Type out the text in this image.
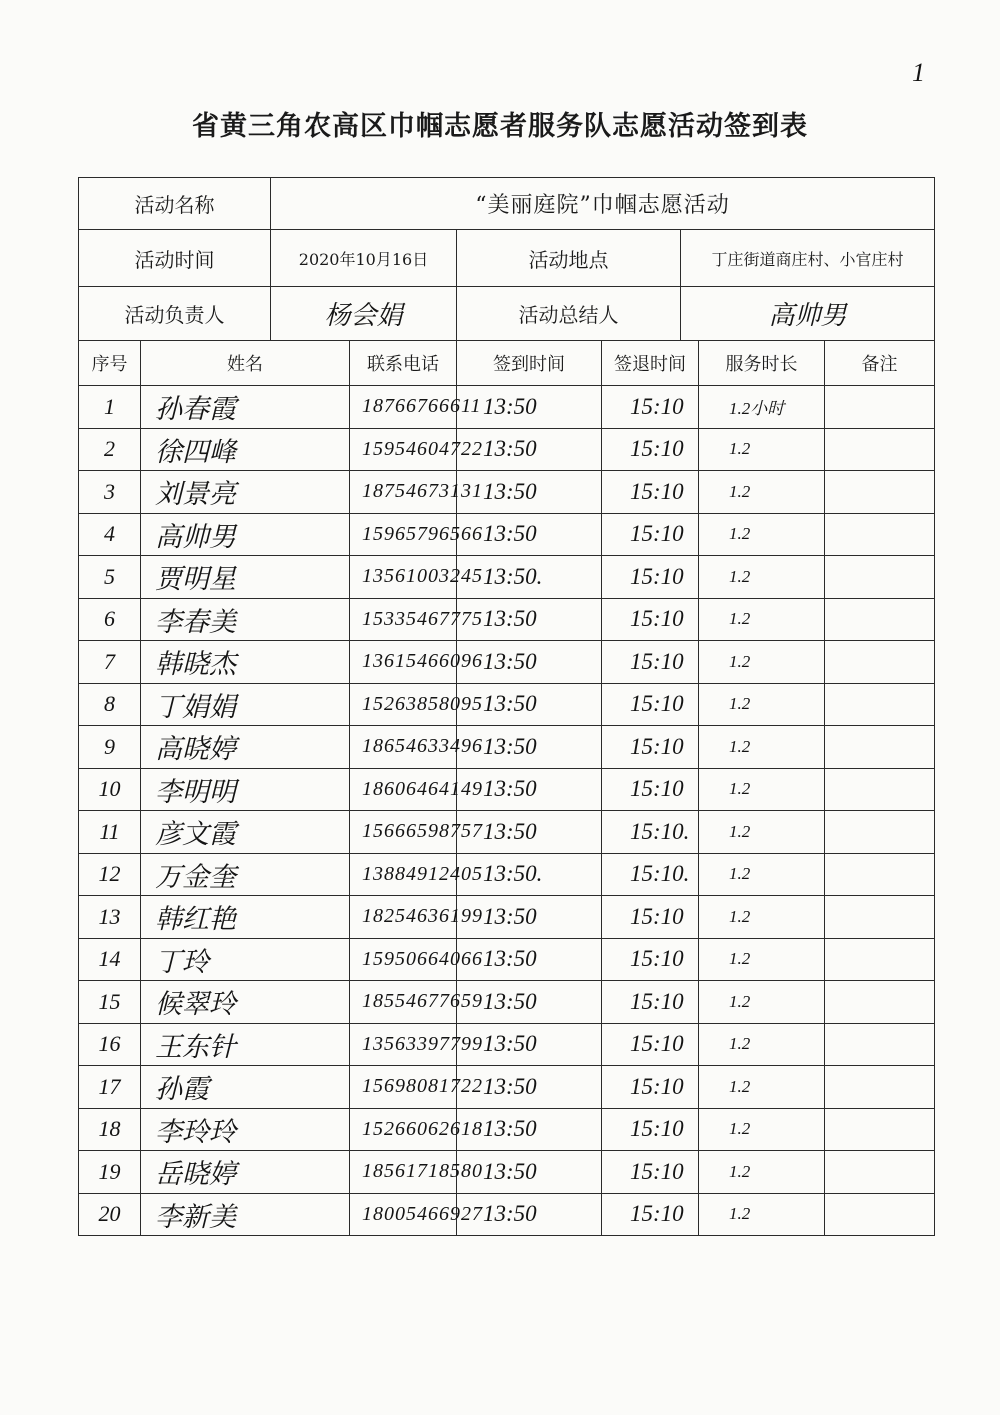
1
省黄三角农高区巾帼志愿者服务队志愿活动签到表
活动名称		“美丽庭院”巾帼志愿活动						
活动时间		2020年10月16日		活动地点		丁庄街道商庄村、小官庄村		
活动负责人		杨会娟		活动总结人		高帅男		
序号	姓名		联系电话	签到时间	签退时间		服务时长	备注
1	孙春霞		18766766611	13:50	15:10		1.2小时	
2	徐四峰		15954604722	13:50	15:10		1.2	
3	刘景亮		18754673131	13:50	15:10		1.2	
4	高帅男		15965796566	13:50	15:10		1.2	
5	贾明星		13561003245	13:50.	15:10		1.2	
6	李春美		15335467775	13:50	15:10		1.2	
7	韩晓杰		13615466096	13:50	15:10		1.2	
8	丁娟娟		15263858095	13:50	15:10		1.2	
9	高晓婷		18654633496	13:50	15:10		1.2	
10	李明明		18606464149	13:50	15:10		1.2	
11	彦文霞		15666598757	13:50	15:10.		1.2	
12	万金奎		13884912405	13:50.	15:10.		1.2	
13	韩红艳		18254636199	13:50	15:10		1.2	
14	丁玲		15950664066	13:50	15:10		1.2	
15	候翠玲		18554677659	13:50	15:10		1.2	
16	王东针		13563397799	13:50	15:10		1.2	
17	孙霞		15698081722	13:50	15:10		1.2	
18	李玲玲		15266062618	13:50	15:10		1.2	
19	岳晓婷		18561718580	13:50	15:10		1.2	
20	李新美		18005466927	13:50	15:10		1.2	
